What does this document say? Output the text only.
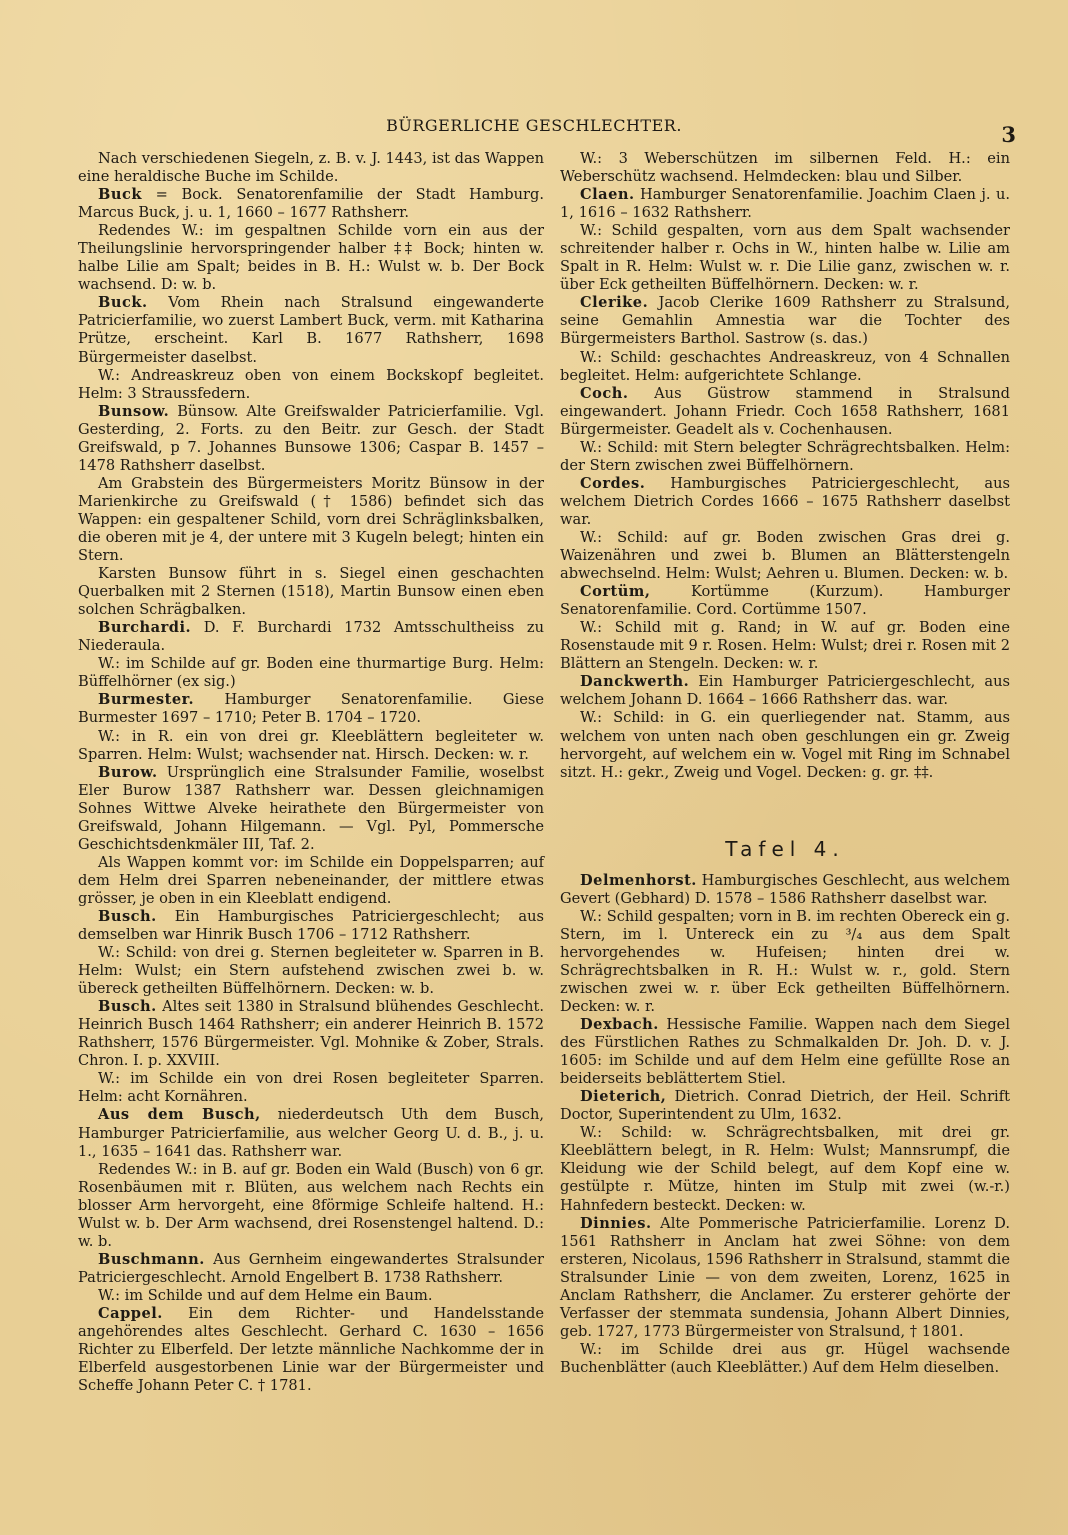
BÜRGERLICHE GESCHLECHTER.	3

Nach verschiedenen Siegeln, z. B. v. J. 1443, ist das Wappen eine heraldische Buche im Schilde.

Buck = Bock. Senatorenfamilie der Stadt Hamburg. Marcus Buck, j. u. 1, 1660 – 1677 Rathsherr.

Redendes W.: im gespaltnen Schilde vorn ein aus der Theilungslinie hervorspringender halber ‡‡ Bock; hinten w. halbe Lilie am Spalt; beides in B. H.: Wulst w. b. Der Bock wachsend. D: w. b.

Buck. Vom Rhein nach Stralsund eingewanderte Patricierfamilie, wo zuerst Lambert Buck, verm. mit Katharina Prütze, erscheint. Karl B. 1677 Rathsherr, 1698 Bürgermeister daselbst.

W.: Andreaskreuz oben von einem Bockskopf begleitet. Helm: 3 Straussfedern.

Bunsow. Bünsow. Alte Greifswalder Patricierfamilie. Vgl. Gesterding, 2. Forts. zu den Beitr. zur Gesch. der Stadt Greifswald, p 7. Johannes Bunsowe 1306; Caspar B. 1457 – 1478 Rathsherr daselbst.

Am Grabstein des Bürgermeisters Moritz Bünsow in der Marienkirche zu Greifswald († 1586) befindet sich das Wappen: ein gespaltener Schild, vorn drei Schräglinksbalken, die oberen mit je 4, der untere mit 3 Kugeln belegt; hinten ein Stern.

Karsten Bunsow führt in s. Siegel einen geschachten Querbalken mit 2 Sternen (1518), Martin Bunsow einen eben solchen Schrägbalken.

Burchardi. D. F. Burchardi 1732 Amtsschultheiss zu Niederaula.

W.: im Schilde auf gr. Boden eine thurmartige Burg. Helm: Büffelhörner (ex sig.)

Burmester. Hamburger Senatorenfamilie. Giese Burmester 1697 – 1710; Peter B. 1704 – 1720.

W.: in R. ein von drei gr. Kleeblättern begleiteter w. Sparren. Helm: Wulst; wachsender nat. Hirsch. Decken: w. r.

Burow. Ursprünglich eine Stralsunder Familie, woselbst Eler Burow 1387 Rathsherr war. Dessen gleichnamigen Sohnes Wittwe Alveke heirathete den Bürgermeister von Greifswald, Johann Hilgemann. — Vgl. Pyl, Pommersche Geschichtsdenkmäler III, Taf. 2.

Als Wappen kommt vor: im Schilde ein Doppelsparren; auf dem Helm drei Sparren nebeneinander, der mittlere etwas grösser, je oben in ein Kleeblatt endigend.

Busch. Ein Hamburgisches Patriciergeschlecht; aus demselben war Hinrik Busch 1706 – 1712 Rathsherr.

W.: Schild: von drei g. Sternen begleiteter w. Sparren in B. Helm: Wulst; ein Stern aufstehend zwischen zwei b. w. übereck getheilten Büffelhörnern. Decken: w. b.

Busch. Altes seit 1380 in Stralsund blühendes Geschlecht. Heinrich Busch 1464 Rathsherr; ein anderer Heinrich B. 1572 Rathsherr, 1576 Bürgermeister. Vgl. Mohnike & Zober, Strals. Chron. I. p. XXVIII.

W.: im Schilde ein von drei Rosen begleiteter Sparren. Helm: acht Kornähren.

Aus dem Busch, niederdeutsch Uth dem Busch, Hamburger Patricierfamilie, aus welcher Georg U. d. B., j. u. 1., 1635 – 1641 das. Rathsherr war.

Redendes W.: in B. auf gr. Boden ein Wald (Busch) von 6 gr. Rosenbäumen mit r. Blüten, aus welchem nach Rechts ein blosser Arm hervorgeht, eine 8förmige Schleife haltend. H.: Wulst w. b. Der Arm wachsend, drei Rosenstengel haltend. D.: w. b.

Buschmann. Aus Gernheim eingewandertes Stralsunder Patriciergeschlecht. Arnold Engelbert B. 1738 Rathsherr.

W.: im Schilde und auf dem Helme ein Baum.

Cappel. Ein dem Richter- und Handelsstande angehörendes altes Geschlecht. Gerhard C. 1630 – 1656 Richter zu Elberfeld. Der letzte männliche Nachkomme der in Elberfeld ausgestorbenen Linie war der Bürgermeister und Scheffe Johann Peter C. † 1781.

W.: 3 Weberschützen im silbernen Feld. H.: ein Weberschütz wachsend. Helmdecken: blau und Silber.

Claen. Hamburger Senatorenfamilie. Joachim Claen j. u. 1, 1616 – 1632 Rathsherr.

W.: Schild gespalten, vorn aus dem Spalt wachsender schreitender halber r. Ochs in W., hinten halbe w. Lilie am Spalt in R. Helm: Wulst w. r. Die Lilie ganz, zwischen w. r. über Eck getheilten Büffelhörnern. Decken: w. r.

Clerike. Jacob Clerike 1609 Rathsherr zu Stralsund, seine Gemahlin Amnestia war die Tochter des Bürgermeisters Barthol. Sastrow (s. das.)

W.: Schild: geschachtes Andreaskreuz, von 4 Schnallen begleitet. Helm: aufgerichtete Schlange.

Coch. Aus Güstrow stammend in Stralsund eingewandert. Johann Friedr. Coch 1658 Rathsherr, 1681 Bürgermeister. Geadelt als v. Cochenhausen.

W.: Schild: mit Stern belegter Schrägrechtsbalken. Helm: der Stern zwischen zwei Büffelhörnern.

Cordes. Hamburgisches Patriciergeschlecht, aus welchem Dietrich Cordes 1666 – 1675 Rathsherr daselbst war.

W.: Schild: auf gr. Boden zwischen Gras drei g. Waizenähren und zwei b. Blumen an Blätterstengeln abwechselnd. Helm: Wulst; Aehren u. Blumen. Decken: w. b.

Cortüm, Kortümme (Kurzum). Hamburger Senatorenfamilie. Cord. Cortümme 1507.

W.: Schild mit g. Rand; in W. auf gr. Boden eine Rosenstaude mit 9 r. Rosen. Helm: Wulst; drei r. Rosen mit 2 Blättern an Stengeln. Decken: w. r.

Danckwerth. Ein Hamburger Patriciergeschlecht, aus welchem Johann D. 1664 – 1666 Rathsherr das. war.

W.: Schild: in G. ein querliegender nat. Stamm, aus welchem von unten nach oben geschlungen ein gr. Zweig hervorgeht, auf welchem ein w. Vogel mit Ring im Schnabel sitzt. H.: gekr., Zweig und Vogel. Decken: g. gr. ‡‡.

Tafel 4.

Delmenhorst. Hamburgisches Geschlecht, aus welchem Gevert (Gebhard) D. 1578 – 1586 Rathsherr daselbst war.

W.: Schild gespalten; vorn in B. im rechten Obereck ein g. Stern, im l. Untereck ein zu ³/₄ aus dem Spalt hervorgehendes w. Hufeisen; hinten drei w. Schrägrechtsbalken in R. H.: Wulst w. r., gold. Stern zwischen zwei w. r. über Eck getheilten Büffelhörnern. Decken: w. r.

Dexbach. Hessische Familie. Wappen nach dem Siegel des Fürstlichen Rathes zu Schmalkalden Dr. Joh. D. v. J. 1605: im Schilde und auf dem Helm eine gefüllte Rose an beiderseits beblättertem Stiel.

Dieterich, Dietrich. Conrad Dietrich, der Heil. Schrift Doctor, Superintendent zu Ulm, 1632.

W.: Schild: w. Schrägrechtsbalken, mit drei gr. Kleeblättern belegt, in R. Helm: Wulst; Mannsrumpf, die Kleidung wie der Schild belegt, auf dem Kopf eine w. gestülpte r. Mütze, hinten im Stulp mit zwei (w.-r.) Hahnfedern besteckt. Decken: w.

Dinnies. Alte Pommerische Patricierfamilie. Lorenz D. 1561 Rathsherr in Anclam hat zwei Söhne: von dem ersteren, Nicolaus, 1596 Rathsherr in Stralsund, stammt die Stralsunder Linie — von dem zweiten, Lorenz, 1625 in Anclam Rathsherr, die Anclamer. Zu ersterer gehörte der Verfasser der stemmata sundensia, Johann Albert Dinnies, geb. 1727, 1773 Bürgermeister von Stralsund, † 1801.

W.: im Schilde drei aus gr. Hügel wachsende Buchenblätter (auch Kleeblätter.) Auf dem Helm dieselben.
